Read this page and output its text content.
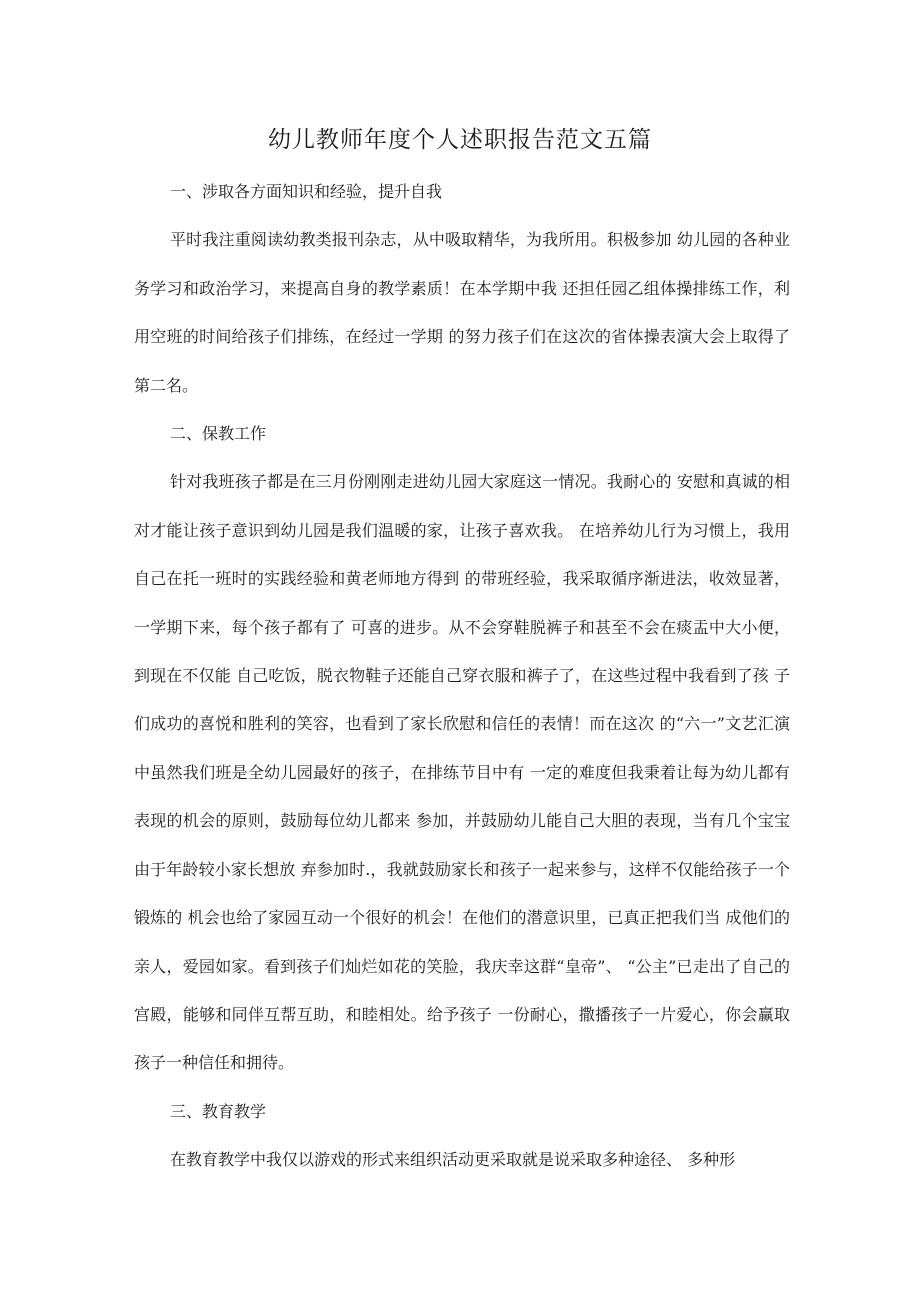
幼儿教师年度个人述职报告范文五篇
一、涉取各方面知识和经验，提升自我
平时我注重阅读幼教类报刊杂志，从中吸取精华，为我所用。积极参加 幼儿园的各种业务学习和政治学习，来提高自身的教学素质！在本学期中我 还担任园乙组体操排练工作，利用空班的时间给孩子们排练，在经过一学期 的努力孩子们在这次的省体操表演大会上取得了第二名。
二、保教工作
针对我班孩子都是在三月份刚刚走进幼儿园大家庭这一情况。我耐心的 安慰和真诚的相对才能让孩子意识到幼儿园是我们温暖的家，让孩子喜欢我。 在培养幼儿行为习惯上，我用自己在托一班时的实践经验和黄老师地方得到 的带班经验，我采取循序渐进法，收效显著，一学期下来，每个孩子都有了 可喜的进步。从不会穿鞋脱裤子和甚至不会在痰盂中大小便，到现在不仅能 自己吃饭，脱衣物鞋子还能自己穿衣服和裤子了，在这些过程中我看到了孩 子们成功的喜悦和胜利的笑容，也看到了家长欣慰和信任的表情！而在这次 的“六一”文艺汇演中虽然我们班是全幼儿园最好的孩子，在排练节目中有 一定的难度但我秉着让每为幼儿都有表现的机会的原则，鼓励每位幼儿都来 参加，并鼓励幼儿能自己大胆的表现，当有几个宝宝由于年龄较小家长想放 弃参加时.，我就鼓励家长和孩子一起来参与，这样不仅能给孩子一个锻炼的 机会也给了家园互动一个很好的机会！在他们的潜意识里，已真正把我们当 成他们的亲人，爱园如家。看到孩子们灿烂如花的笑脸，我庆幸这群“皇帝”、 “公主”已走出了自己的宫殿，能够和同伴互帮互助，和睦相处。给予孩子 一份耐心，撒播孩子一片爱心，你会赢取孩子一种信任和拥待。
三、教育教学
在教育教学中我仅以游戏的形式来组织活动更采取就是说采取多种途径、 多种形
